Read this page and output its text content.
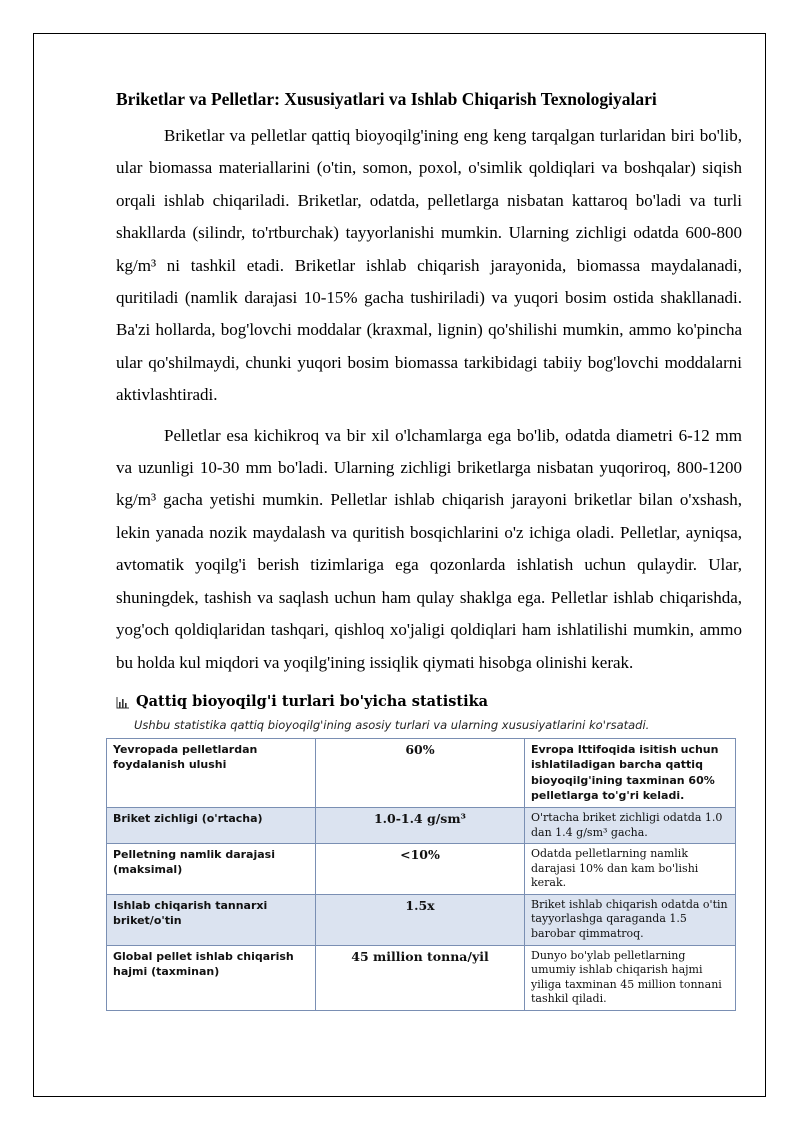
Briketlar va Pelletlar: Xususiyatlari va Ishlab Chiqarish Texnologiyalari

Briketlar va pelletlar qattiq bioyoqilg'ining eng keng tarqalgan turlaridan biri bo'lib, ular biomassa materiallarini (o'tin, somon, poxol, o'simlik qoldiqlari va boshqalar) siqish orqali ishlab chiqariladi. Briketlar, odatda, pelletlarga nisbatan kattaroq bo'ladi va turli shakllarda (silindr, to'rtburchak) tayyorlanishi mumkin. Ularning zichligi odatda 600-800 kg/m³ ni tashkil etadi. Briketlar ishlab chiqarish jarayonida, biomassa maydalanadi, quritiladi (namlik darajasi 10-15% gacha tushiriladi) va yuqori bosim ostida shakllanadi. Ba'zi hollarda, bog'lovchi moddalar (kraxmal, lignin) qo'shilishi mumkin, ammo ko'pincha ular qo'shilmaydi, chunki yuqori bosim biomassa tarkibidagi tabiiy bog'lovchi moddalarni aktivlashtiradi.

Pelletlar esa kichikroq va bir xil o'lchamlarga ega bo'lib, odatda diametri 6-12 mm va uzunligi 10-30 mm bo'ladi. Ularning zichligi briketlarga nisbatan yuqoriroq, 800-1200 kg/m³ gacha yetishi mumkin. Pelletlar ishlab chiqarish jarayoni briketlar bilan o'xshash, lekin yanada nozik maydalash va quritish bosqichlarini o'z ichiga oladi. Pelletlar, ayniqsa, avtomatik yoqilg'i berish tizimlariga ega qozonlarda ishlatish uchun qulaydir. Ular, shuningdek, tashish va saqlash uchun ham qulay shaklga ega. Pelletlar ishlab chiqarishda, yog'och qoldiqlaridan tashqari, qishloq xo'jaligi qoldiqlari ham ishlatilishi mumkin, ammo bu holda kul miqdori va yoqilg'ining issiqlik qiymati hisobga olinishi kerak.

Qattiq bioyoqilg'i turlari bo'yicha statistika
Ushbu statistika qattiq bioyoqilg'ining asosiy turlari va ularning xususiyatlarini ko'rsatadi.
Yevropada pelletlardan foydalanish ulushi	60%	Evropa Ittifoqida isitish uchun ishlatiladigan barcha qattiq bioyoqilg'ining taxminan 60% pelletlarga to'g'ri keladi.
Briket zichligi (o'rtacha)	1.0-1.4 g/sm³	O'rtacha briket zichligi odatda 1.0 dan 1.4 g/sm³ gacha.
Pelletning namlik darajasi (maksimal)	<10%	Odatda pelletlarning namlik darajasi 10% dan kam bo'lishi kerak.
Ishlab chiqarish tannarxi briket/o'tin	1.5x	Briket ishlab chiqarish odatda o'tin tayyorlashga qaraganda 1.5 barobar qimmatroq.
Global pellet ishlab chiqarish hajmi (taxminan)	45 million tonna/yil	Dunyo bo'ylab pelletlarning umumiy ishlab chiqarish hajmi yiliga taxminan 45 million tonnani tashkil qiladi.
